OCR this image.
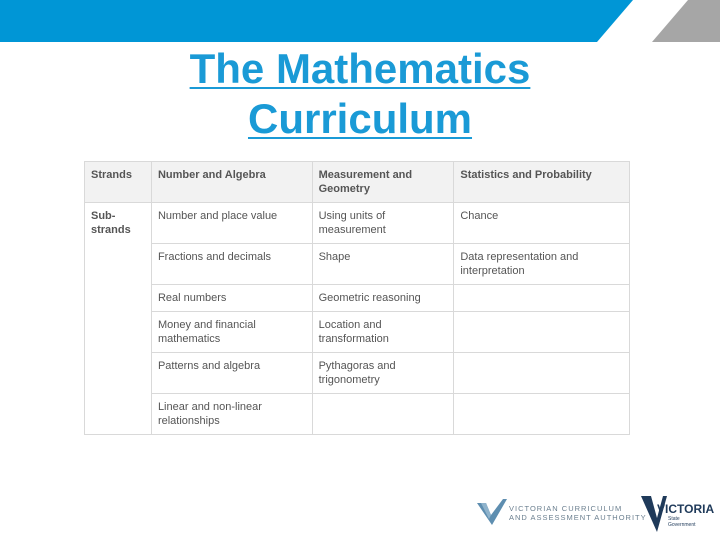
The Mathematics
Curriculum
Strands	Number and Algebra	Measurement and Geometry	Statistics and Probability
Sub-strands	Number and place value	Using units of measurement	Chance
	Fractions and decimals	Shape	Data representation and interpretation
	Real numbers	Geometric reasoning	
	Money and financial mathematics	Location and transformation	
	Patterns and algebra	Pythagoras and trigonometry	
	Linear and non-linear relationships		
VICTORIAN CURRICULUM
AND ASSESSMENT AUTHORITY
VICTORIA
State
Government
